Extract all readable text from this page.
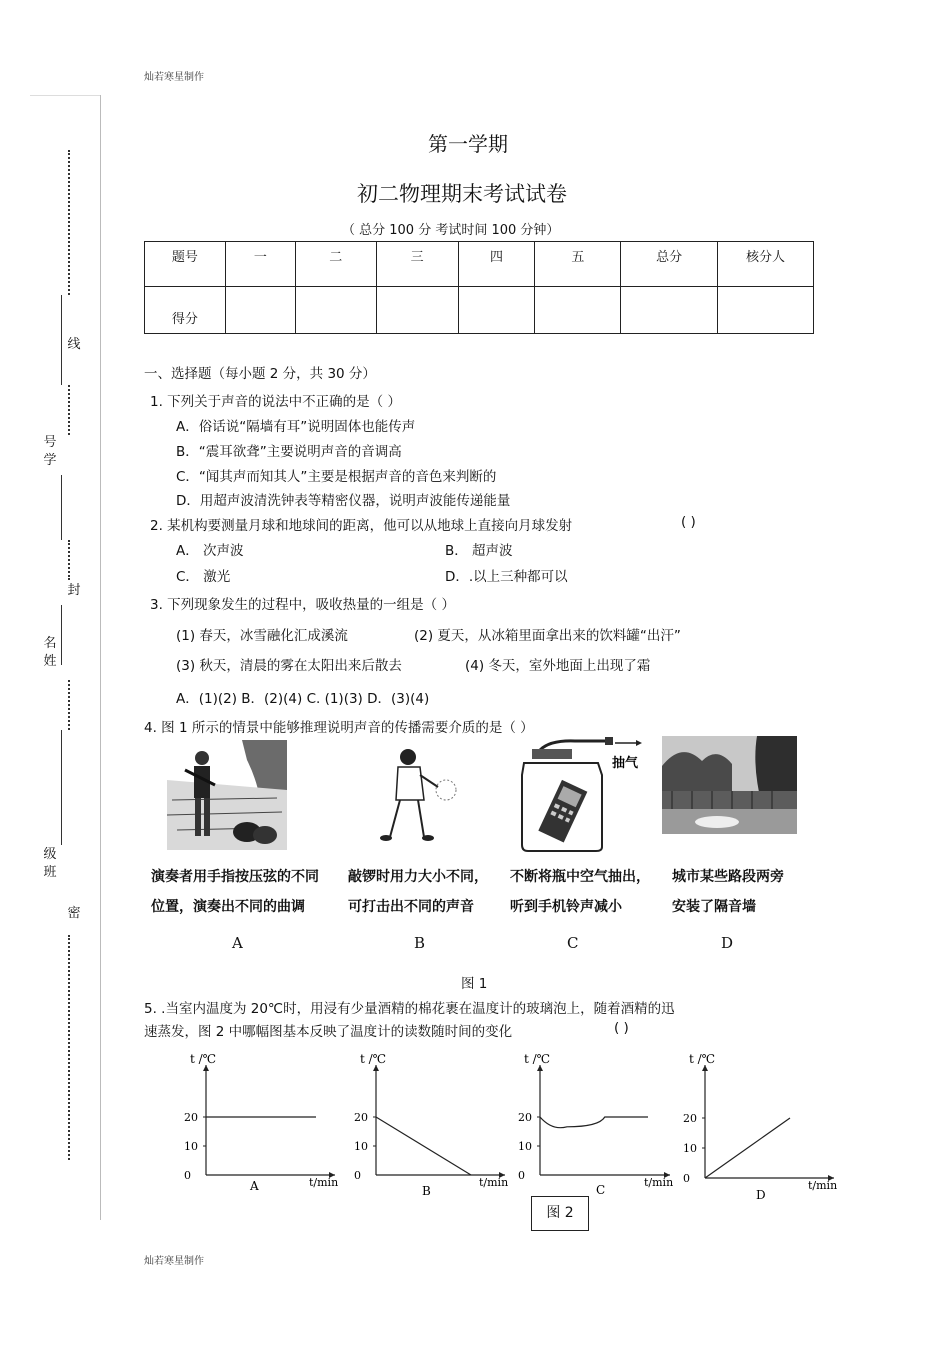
灿若寒星制作
灿若寒星制作
线
号
学
封
名
姓
级
班
密
第一学期
初二物理期末考试试卷
（ 总分 100 分 考试时间 100 分钟）
题号	一	二	三	四	五	总分	核分人
得分							
一、选择题（每小题 2 分，共 30 分）
1. 下列关于声音的说法中不正确的是（ ）
A．俗话说“隔墙有耳”说明固体也能传声
B．“震耳欲聋”主要说明声音的音调高
C．“闻其声而知其人”主要是根据声音的音色来判断的
D．用超声波清洗钟表等精密仪器，说明声波能传递能量
2. 某机构要测量月球和地球间的距离，他可以从地球上直接向月球发射	( )
A． 次声波	B． 超声波
C． 激光	D．.以上三种都可以
3. 下列现象发生的过程中，吸收热量的一组是（ ）
(1) 春天，冰雪融化汇成溪流	(2) 夏天，从冰箱里面拿出来的饮料罐“出汗”
(3) 秋天，清晨的雾在太阳出来后散去	(4) 冬天，室外地面上出现了霜
A．(1)(2) B．(2)(4) C. (1)(3) D．(3)(4)
4. 图 1 所示的情景中能够推理说明声音的传播需要介质的是（ ）
抽气
演奏者用手指按压弦的不同
位置，演奏出不同的曲调
敲锣时用力大小不同，
可打击出不同的声音
不断将瓶中空气抽出，
听到手机铃声减小
城市某些路段两旁
安装了隔音墙
A	B	C	D
图 1
5. .当室内温度为 20℃时，用浸有少量酒精的棉花裹在温度计的玻璃泡上，随着酒精的迅
速蒸发，图 2 中哪幅图基本反映了温度计的读数随时间的变化	( )
t /℃
t/min
0
10
20
A
t /℃
t/min
0
10
20
B
t /℃
t/min
0
10
20
C
t /℃
t/min
0
10
20
D
图 2
